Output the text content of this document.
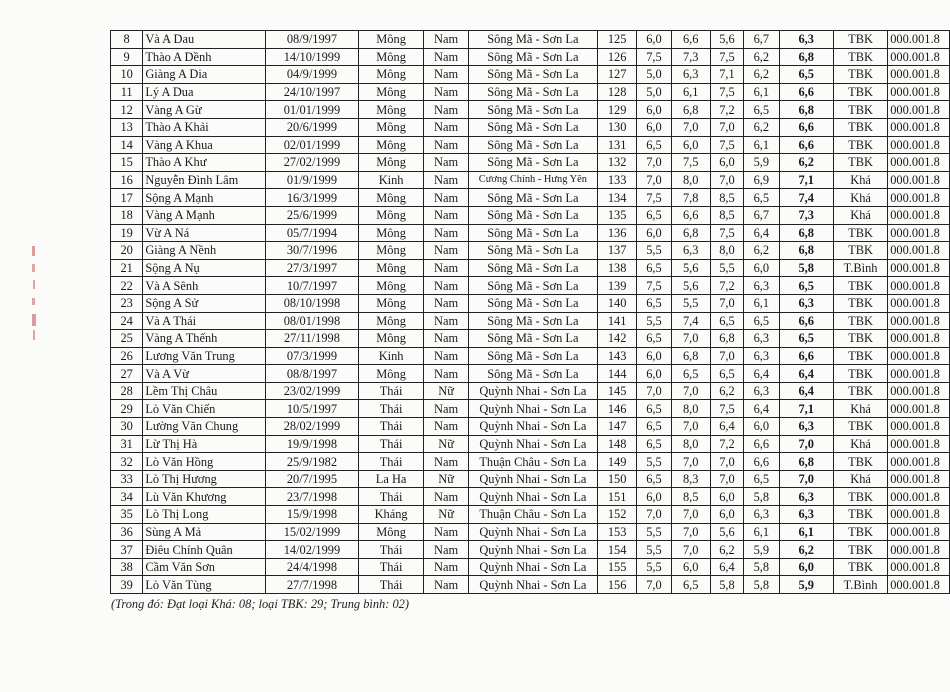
8	Và A Dau	08/9/1997	Mông	Nam	Sông Mã - Sơn La	125	6,0	6,6	5,6	6,7	6,3	TBK	000.001.8
9	Thào A Dềnh	14/10/1999	Mông	Nam	Sông Mã - Sơn La	126	7,5	7,3	7,5	6,2	6,8	TBK	000.001.8
10	Giàng A Dia	04/9/1999	Mông	Nam	Sông Mã - Sơn La	127	5,0	6,3	7,1	6,2	6,5	TBK	000.001.8
11	Lý A Dua	24/10/1997	Mông	Nam	Sông Mã - Sơn La	128	5,0	6,1	7,5	6,1	6,6	TBK	000.001.8
12	Vàng A Gừ	01/01/1999	Mông	Nam	Sông Mã - Sơn La	129	6,0	6,8	7,2	6,5	6,8	TBK	000.001.8
13	Thào A Khải	20/6/1999	Mông	Nam	Sông Mã - Sơn La	130	6,0	7,0	7,0	6,2	6,6	TBK	000.001.8
14	Vàng A Khua	02/01/1999	Mông	Nam	Sông Mã - Sơn La	131	6,5	6,0	7,5	6,1	6,6	TBK	000.001.8
15	Thào A Khư	27/02/1999	Mông	Nam	Sông Mã - Sơn La	132	7,0	7,5	6,0	5,9	6,2	TBK	000.001.8
16	Nguyễn Đình Lâm	01/9/1999	Kinh	Nam	Cương Chính - Hưng Yên	133	7,0	8,0	7,0	6,9	7,1	Khá	000.001.8
17	Sộng A Mạnh	16/3/1999	Mông	Nam	Sông Mã - Sơn La	134	7,5	7,8	8,5	6,5	7,4	Khá	000.001.8
18	Vàng A Mạnh	25/6/1999	Mông	Nam	Sông Mã - Sơn La	135	6,5	6,6	8,5	6,7	7,3	Khá	000.001.8
19	Vừ A Ná	05/7/1994	Mông	Nam	Sông Mã - Sơn La	136	6,0	6,8	7,5	6,4	6,8	TBK	000.001.8
20	Giàng A Nềnh	30/7/1996	Mông	Nam	Sông Mã - Sơn La	137	5,5	6,3	8,0	6,2	6,8	TBK	000.001.8
21	Sộng A Nụ	27/3/1997	Mông	Nam	Sông Mã - Sơn La	138	6,5	5,6	5,5	6,0	5,8	T.Bình	000.001.8
22	Và A Sênh	10/7/1997	Mông	Nam	Sông Mã - Sơn La	139	7,5	5,6	7,2	6,3	6,5	TBK	000.001.8
23	Sộng A Sử	08/10/1998	Mông	Nam	Sông Mã - Sơn La	140	6,5	5,5	7,0	6,1	6,3	TBK	000.001.8
24	Và A Thái	08/01/1998	Mông	Nam	Sông Mã - Sơn La	141	5,5	7,4	6,5	6,5	6,6	TBK	000.001.8
25	Vàng A Thếnh	27/11/1998	Mông	Nam	Sông Mã - Sơn La	142	6,5	7,0	6,8	6,3	6,5	TBK	000.001.8
26	Lương Văn Trung	07/3/1999	Kinh	Nam	Sông Mã - Sơn La	143	6,0	6,8	7,0	6,3	6,6	TBK	000.001.8
27	Và A Vừ	08/8/1997	Mông	Nam	Sông Mã - Sơn La	144	6,0	6,5	6,5	6,4	6,4	TBK	000.001.8
28	Lềm Thị Châu	23/02/1999	Thái	Nữ	Quỳnh Nhai - Sơn La	145	7,0	7,0	6,2	6,3	6,4	TBK	000.001.8
29	Lò Văn Chiến	10/5/1997	Thái	Nam	Quỳnh Nhai - Sơn La	146	6,5	8,0	7,5	6,4	7,1	Khá	000.001.8
30	Lường Văn Chung	28/02/1999	Thái	Nam	Quỳnh Nhai - Sơn La	147	6,5	7,0	6,4	6,0	6,3	TBK	000.001.8
31	Lừ Thị Hà	19/9/1998	Thái	Nữ	Quỳnh Nhai - Sơn La	148	6,5	8,0	7,2	6,6	7,0	Khá	000.001.8
32	Lò Văn Hồng	25/9/1982	Thái	Nam	Thuận Châu - Sơn La	149	5,5	7,0	7,0	6,6	6,8	TBK	000.001.8
33	Lò Thị Hương	20/7/1995	La Ha	Nữ	Quỳnh Nhai - Sơn La	150	6,5	8,3	7,0	6,5	7,0	Khá	000.001.8
34	Lù Văn Khương	23/7/1998	Thái	Nam	Quỳnh Nhai - Sơn La	151	6,0	8,5	6,0	5,8	6,3	TBK	000.001.8
35	Lò Thị Long	15/9/1998	Kháng	Nữ	Thuận Châu - Sơn La	152	7,0	7,0	6,0	6,3	6,3	TBK	000.001.8
36	Sùng A Mả	15/02/1999	Mông	Nam	Quỳnh Nhai - Sơn La	153	5,5	7,0	5,6	6,1	6,1	TBK	000.001.8
37	Điêu Chính Quân	14/02/1999	Thái	Nam	Quỳnh Nhai - Sơn La	154	5,5	7,0	6,2	5,9	6,2	TBK	000.001.8
38	Cầm Văn Sơn	24/4/1998	Thái	Nam	Quỳnh Nhai - Sơn La	155	5,5	6,0	6,4	5,8	6,0	TBK	000.001.8
39	Lò Văn Tùng	27/7/1998	Thái	Nam	Quỳnh Nhai - Sơn La	156	7,0	6,5	5,8	5,8	5,9	T.Bình	000.001.8
(Trong đó: Đạt loại Khá: 08; loại TBK: 29; Trung bình: 02)
